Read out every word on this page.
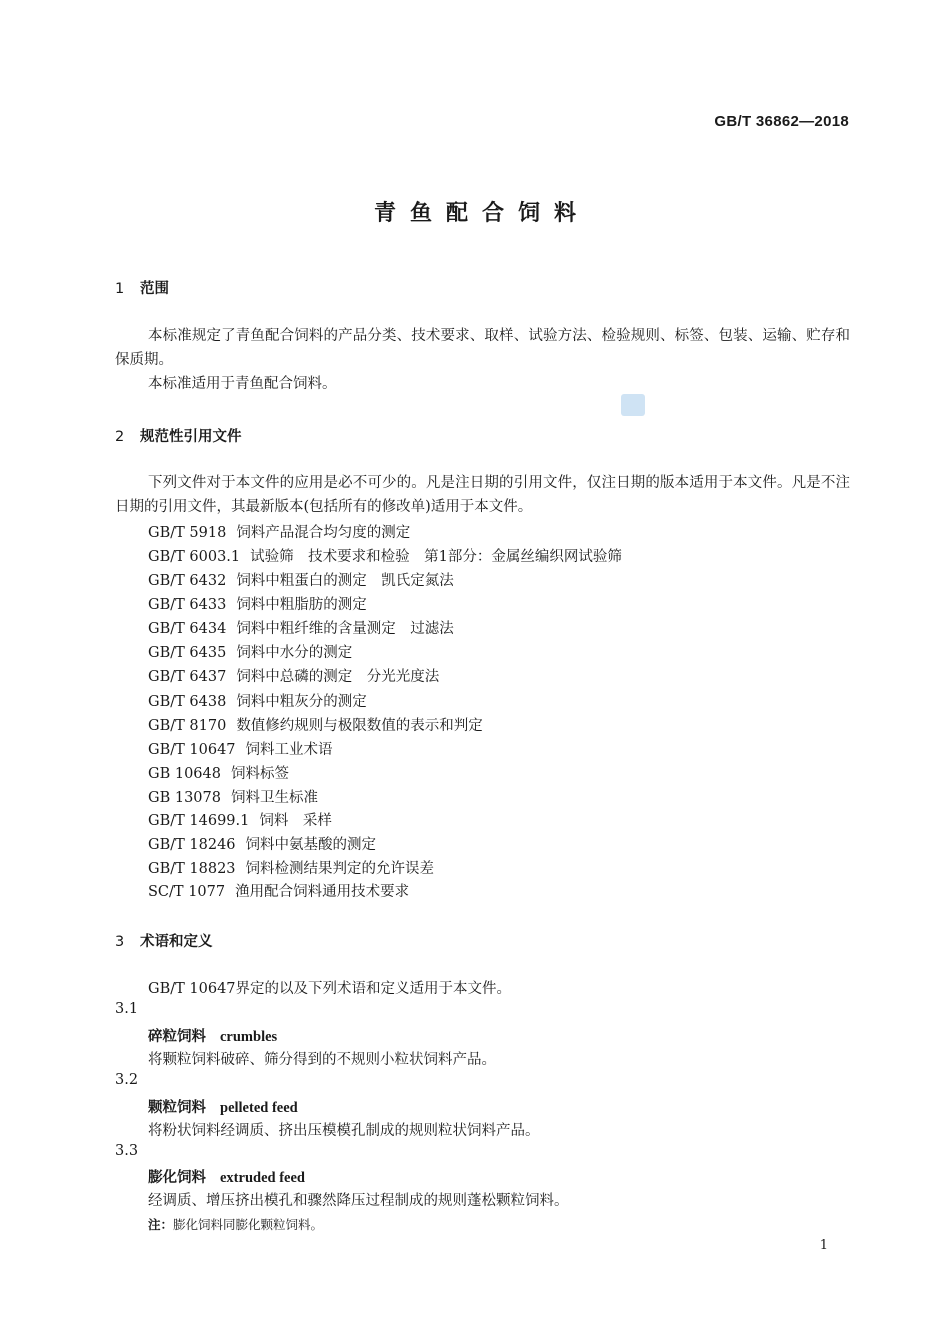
GB/T 36862—2018
青鱼配合饲料
1 范围
本标准规定了青鱼配合饲料的产品分类、技术要求、取样、试验方法、检验规则、标签、包装、运输、贮存和保质期。
本标准适用于青鱼配合饲料。
2 规范性引用文件
下列文件对于本文件的应用是必不可少的。凡是注日期的引用文件，仅注日期的版本适用于本文件。凡是不注日期的引用文件，其最新版本(包括所有的修改单)适用于本文件。
GB/T 5918 饲料产品混合均匀度的测定
GB/T 6003.1 试验筛　技术要求和检验　第1部分：金属丝编织网试验筛
GB/T 6432 饲料中粗蛋白的测定　凯氏定氮法
GB/T 6433 饲料中粗脂肪的测定
GB/T 6434 饲料中粗纤维的含量测定　过滤法
GB/T 6435 饲料中水分的测定
GB/T 6437 饲料中总磷的测定　分光光度法
GB/T 6438 饲料中粗灰分的测定
GB/T 8170 数值修约规则与极限数值的表示和判定
GB/T 10647 饲料工业术语
GB 10648 饲料标签
GB 13078 饲料卫生标准
GB/T 14699.1 饲料　采样
GB/T 18246 饲料中氨基酸的测定
GB/T 18823 饲料检测结果判定的允许误差
SC/T 1077 渔用配合饲料通用技术要求
3 术语和定义
GB/T 10647界定的以及下列术语和定义适用于本文件。
3.1
碎粒饲料 crumbles
将颗粒饲料破碎、筛分得到的不规则小粒状饲料产品。
3.2
颗粒饲料 pelleted feed
将粉状饲料经调质、挤出压模模孔制成的规则粒状饲料产品。
3.3
膨化饲料 extruded feed
经调质、增压挤出模孔和骤然降压过程制成的规则蓬松颗粒饲料。
注：膨化饲料同膨化颗粒饲料。
1
